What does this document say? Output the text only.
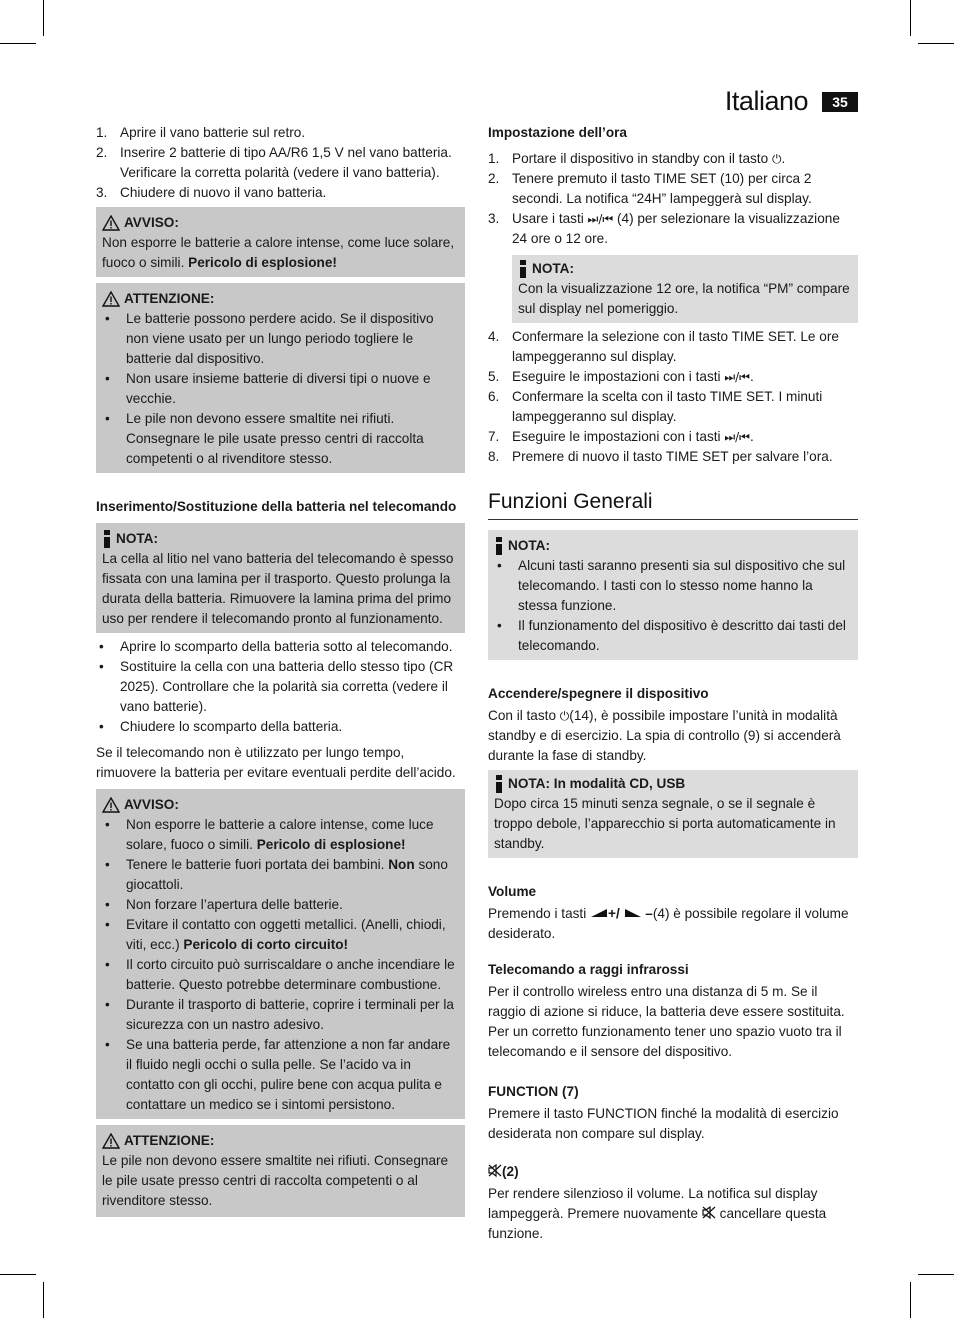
Italiano	35
1. Aprire il vano batterie sul retro.
2. Inserire 2 batterie di tipo AA/R6 1,5 V nel vano batteria. Verificare la corretta polarità (vedere il vano batteria).
3. Chiudere di nuovo il vano batteria.
AVVISO:
Non esporre le batterie a calore intense, come luce solare, fuoco o simili. Pericolo di esplosione!
ATTENZIONE:
• Le batterie possono perdere acido. Se il dispositivo non viene usato per un lungo periodo togliere le batterie dal dispositivo.
• Non usare insieme batterie di diversi tipi o nuove e vecchie.
• Le pile non devono essere smaltite nei rifiuti. Consegnare le pile usate presso centri di raccolta competenti o al rivenditore stesso.
Inserimento/Sostituzione della batteria nel telecomando
NOTA:
La cella al litio nel vano batteria del telecomando è spesso fissata con una lamina per il trasporto. Questo prolunga la durata della batteria. Rimuovere la lamina prima del primo uso per rendere il telecomando pronto al funzionamento.
• Aprire lo scomparto della batteria sotto al telecomando.
• Sostituire la cella con una batteria dello stesso tipo (CR 2025). Controllare che la polarità sia corretta (vedere il vano batterie).
• Chiudere lo scomparto della batteria.

Se il telecomando non è utilizzato per lungo tempo, rimuovere la batteria per evitare eventuali perdite dell’acido.

AVVISO:
• Non esporre le batterie a calore intense, come luce solare, fuoco o simili. Pericolo di esplosione!
• Tenere le batterie fuori portata dei bambini. Non sono giocattoli.
• Non forzare l’apertura delle batterie.
• Evitare il contatto con oggetti metallici. (Anelli, chiodi, viti, ecc.) Pericolo di corto circuito!
• Il corto circuito può surriscaldare o anche incendiare le batterie. Questo potrebbe determinare combustione.
• Durante il trasporto di batterie, coprire i terminali per la sicurezza con un nastro adesivo.
• Se una batteria perde, far attenzione a non far andare il fluido negli occhi o sulla pelle. Se l’acido va in contatto con gli occhi, pulire bene con acqua pulita e contattare un medico se i sintomi persistono.
ATTENZIONE:
Le pile non devono essere smaltite nei rifiuti. Consegnare le pile usate presso centri di raccolta competenti o al rivenditore stesso.
Impostazione dell’ora
1. Portare il dispositivo in standby con il tasto ⏻.
2. Tenere premuto il tasto TIME SET (10) per circa 2 secondi. La notifica “24H” lampeggerà sul display.
3. Usare i tasti ⏭/⏮ (4) per selezionare la visualizzazione 24 ore o 12 ore.
NOTA:
Con la visualizzazione 12 ore, la notifica “PM” compare sul display nel pomeriggio.
4. Confermare la selezione con il tasto TIME SET. Le ore lampeggeranno sul display.
5. Eseguire le impostazioni con i tasti ⏭/⏮.
6. Confermare la scelta con il tasto TIME SET. I minuti lampeggeranno sul display.
7. Eseguire le impostazioni con i tasti ⏭/⏮.
8. Premere di nuovo il tasto TIME SET per salvare l’ora.
Funzioni Generali
NOTA:
• Alcuni tasti saranno presenti sia sul dispositivo che sul telecomando. I tasti con lo stesso nome hanno la stessa funzione.
• Il funzionamento del dispositivo è descritto dai tasti del telecomando.
Accendere/spegnere il dispositivo

Con il tasto ⏻(14), è possibile impostare l’unità in modalità standby e di esercizio. La spia di controllo (9) si accenderà durante la fase di standby.

NOTA: In modalità CD, USB
Dopo circa 15 minuti senza segnale, o se il segnale è troppo debole, l’apparecchio si porta automaticamente in standby.
Volume

Premendo i tasti +/ –(4) è possibile regolare il volume desiderato.

Telecomando a raggi infrarossi

Per il controllo wireless entro una distanza di 5 m. Se il raggio di azione si riduce, la batteria deve essere sostituita. Per un corretto funzionamento tener uno spazio vuoto tra il telecomando e il sensore del dispositivo.

FUNCTION (7)

Premere il tasto FUNCTION finché la modalità di esercizio desiderata non compare sul display.

(2)

Per rendere silenzioso il volume. La notifica sul display lampeggerà. Premere nuovamente cancellare questa funzione.
